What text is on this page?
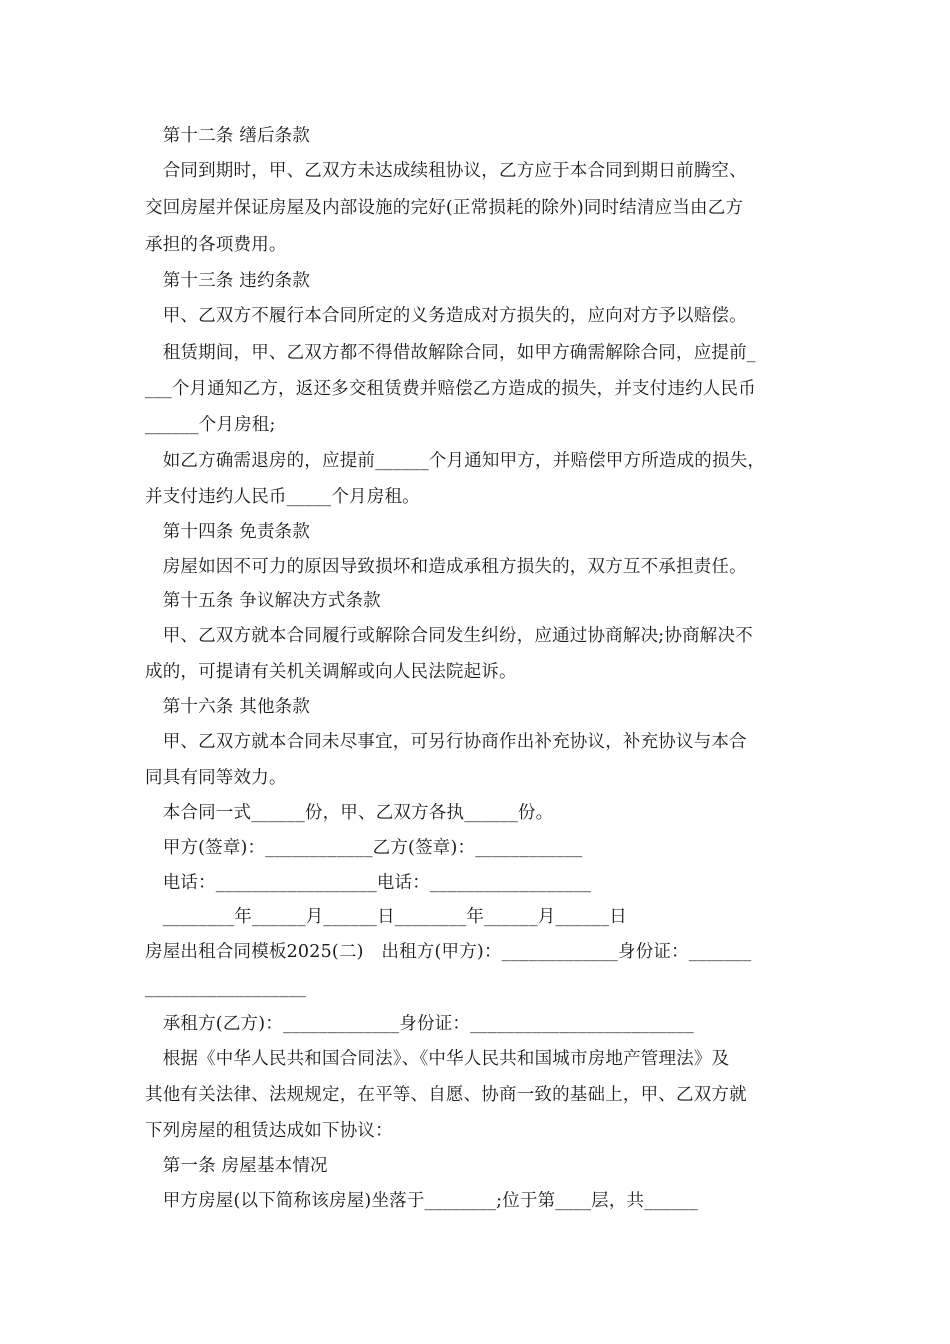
　第十二条 缮后条款
　合同到期时，甲、乙双方未达成续租协议，乙方应于本合同到期日前腾空、
交回房屋并保证房屋及内部设施的完好(正常损耗的除外)同时结清应当由乙方
承担的各项费用。
　第十三条 违约条款
　甲、乙双方不履行本合同所定的义务造成对方损失的，应向对方予以赔偿。
　租赁期间，甲、乙双方都不得借故解除合同，如甲方确需解除合同，应提前_
___个月通知乙方，返还多交租赁费并赔偿乙方造成的损失，并支付违约人民币
______个月房租;
　如乙方确需退房的，应提前______个月通知甲方，并赔偿甲方所造成的损失，
并支付违约人民币_____个月房租。
　第十四条 免责条款
　房屋如因不可力的原因导致损坏和造成承租方损失的，双方互不承担责任。
　第十五条 争议解决方式条款
　甲、乙双方就本合同履行或解除合同发生纠纷，应通过协商解决;协商解决不
成的，可提请有关机关调解或向人民法院起诉。
　第十六条 其他条款
　甲、乙双方就本合同未尽事宜，可另行协商作出补充协议，补充协议与本合
同具有同等效力。
　本合同一式______份，甲、乙双方各执______份。
　甲方(签章)：____________乙方(签章)：____________
　电话：__________________电话：__________________
　________年______月______日________年______月______日
房屋出租合同模板2025(二)　出租方(甲方)：_____________身份证：_______
__________________
　承租方(乙方)：_____________身份证：_________________________
　根据《中华人民共和国合同法》、《中华人民共和国城市房地产管理法》及
其他有关法律、法规规定，在平等、自愿、协商一致的基础上，甲、乙双方就
下列房屋的租赁达成如下协议：
　第一条 房屋基本情况
　甲方房屋(以下简称该房屋)坐落于________;位于第____层，共______
